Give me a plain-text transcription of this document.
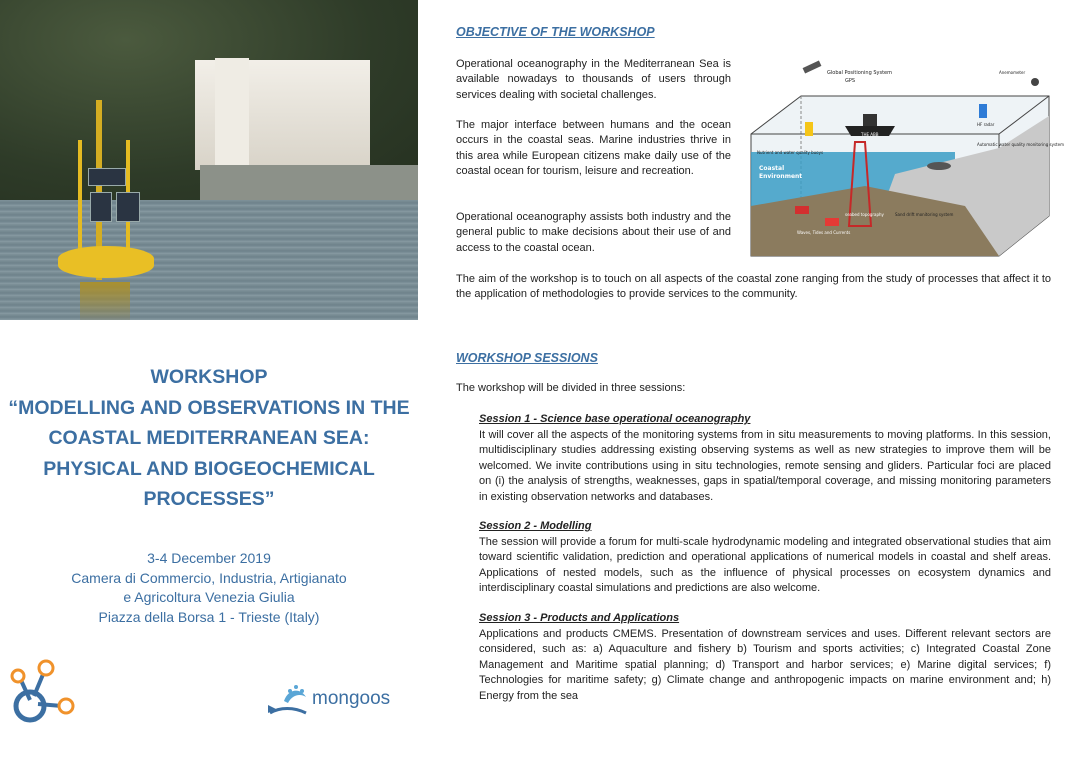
WORKSHOP
“MODELLING AND OBSERVATIONS IN THE
COASTAL MEDITERRANEAN SEA:
PHYSICAL AND BIOGEOCHEMICAL
PROCESSES”
3-4 December 2019
Camera di Commercio, Industria, Artigianato
e Agricoltura Venezia Giulia
Piazza della Borsa 1 - Trieste (Italy)
mongoos
OBJECTIVE OF THE WORKSHOP
Operational oceanography in the Mediterranean Sea is available nowadays to thousands of users through services dealing with societal challenges.
The major interface between humans and the ocean occurs in the coastal seas. Marine industries thrive in this area while European citizens make daily use of the coastal ocean for tourism, leisure and recreation.
Operational oceanography assists both industry and the general public to make decisions about their use of and access to the coastal ocean.
The aim of the workshop is to touch on all aspects of the coastal zone ranging from the study of processes that affect it to the application of methodologies to provide services to the community.
Global Positioning System
GPS
Coastal
Environment
Nutrient and water quality buoys
THE ABB
seabed topography
Waves, Tides and Currents
Sand drift monitoring system
Automatic water quality monitoring system
HF radar
Anemometer
WORKSHOP SESSIONS
The workshop will be divided in three sessions:
Session 1 - Science base operational oceanography
It will cover all the aspects of the monitoring systems from in situ measurements to moving platforms. In this session, multidisciplinary studies addressing existing observing systems as well as new strategies to improve them will be welcomed. We invite contributions using in situ technologies, remote sensing and gliders. Particular foci are placed on (i) the analysis of strengths, weaknesses, gaps in spatial/temporal coverage, and missing monitoring parameters in existing observation networks and databases.
Session 2 - Modelling
The session will provide a forum for multi-scale hydrodynamic modeling and integrated observational studies that aim toward scientific validation, prediction and operational applications of numerical models in coastal and shelf areas. Applications of nested models, such as the influence of physical processes on ecosystem dynamics and interdisciplinary coastal simulations and predictions are also welcome.
Session 3 - Products and Applications
Applications and products CMEMS. Presentation of downstream services and uses. Different relevant sectors are considered, such as: a) Aquaculture and fishery b) Tourism and sports activities; c) Integrated Coastal Zone Management and Maritime spatial planning; d) Transport and harbor services; e) Marine digital services; f) Technologies for maritime safety; g) Climate change and anthropogenic impacts on marine environment and; h) Energy from the sea
